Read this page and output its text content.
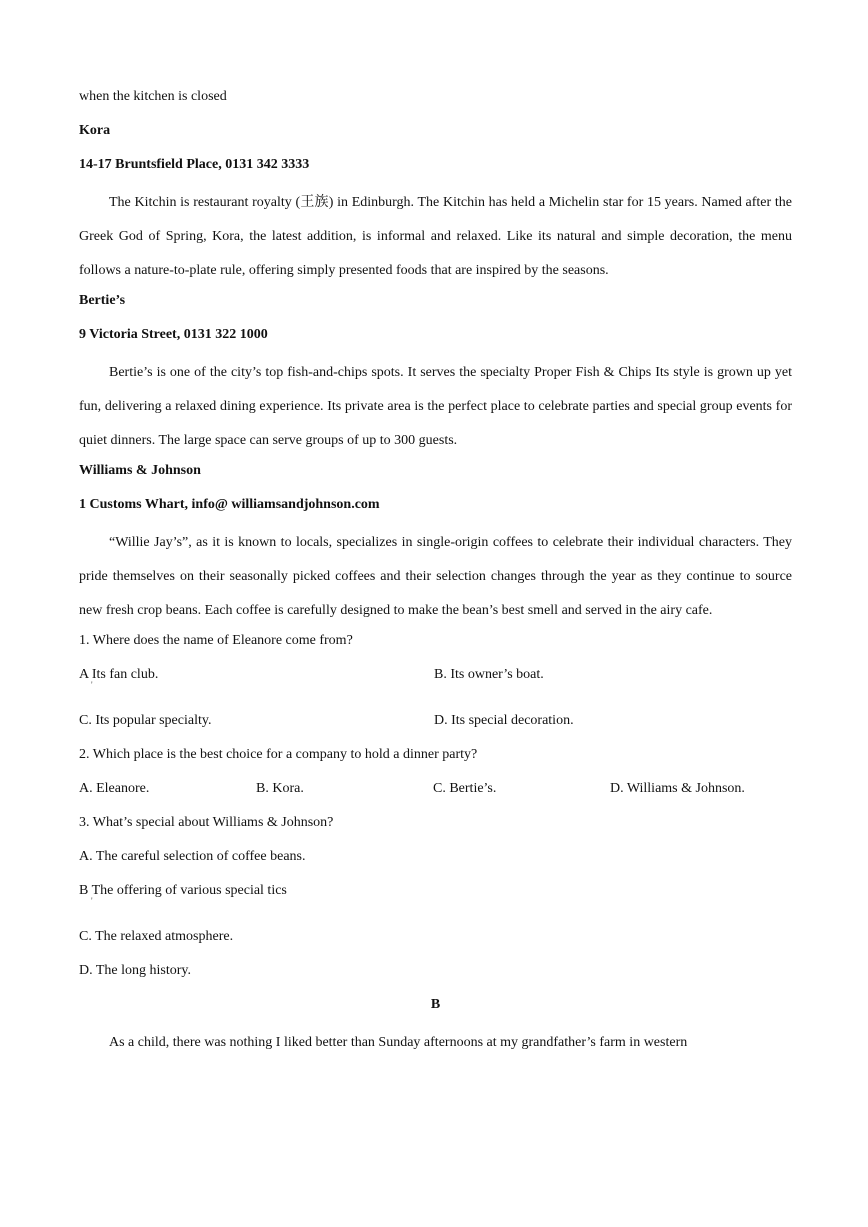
when the kitchen is closed
Kora
14-17 Bruntsfield Place, 0131 342 3333

The Kitchin is restaurant royalty (王族) in Edinburgh. The Kitchin has held a Michelin star for 15 years. Named after the Greek God of Spring, Kora, the latest addition, is informal and relaxed. Like its natural and simple decoration, the menu follows a nature-to-plate rule, offering simply presented foods that are inspired by the seasons.

Bertie’s
9 Victoria Street, 0131 322 1000

Bertie’s is one of the city’s top fish-and-chips spots. It serves the specialty Proper Fish & Chips Its style is grown up yet fun, delivering a relaxed dining experience. Its private area is the perfect place to celebrate parties and special group events for quiet dinners. The large space can serve groups of up to 300 guests.

Williams & Johnson
1 Customs Whart, info@ williamsandjohnson.com

“Willie Jay’s”, as it is known to locals, specializes in single-origin coffees to celebrate their individual characters. They pride themselves on their seasonally picked coffees and their selection changes through the year as they continue to source new fresh crop beans. Each coffee is carefully designed to make the bean’s best smell and served in the airy cafe.

1. Where does the name of Eleanore come from?
A Its fan club. '	B. Its owner’s boat.
C. Its popular specialty.	D. Its special decoration.
2. Which place is the best choice for a company to hold a dinner party?
A. Eleanore.	B. Kora.	C. Bertie’s.	D. Williams & Johnson.
3. What’s special about Williams & Johnson?
A. The careful selection of coffee beans.
B The offering of various special tics '
C. The relaxed atmosphere.
D. The long history.
B

As a child, there was nothing I liked better than Sunday afternoons at my grandfather’s farm in western
